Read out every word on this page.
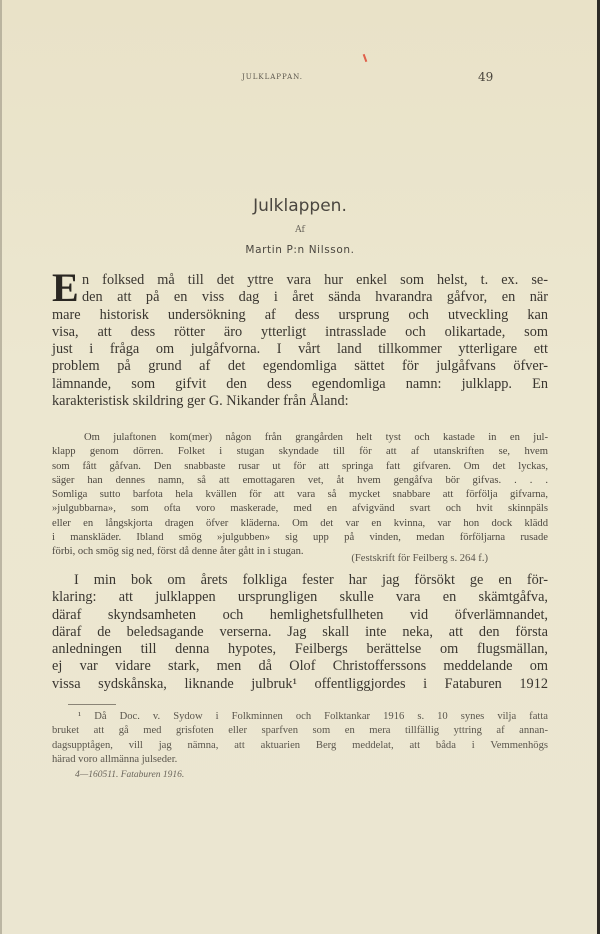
JULKLAPPAN.	49
Julklappen.
Af
Martin P:n Nilsson.
E n folksed må till det yttre vara hur enkel som helst, t. ex. se-
den att på en viss dag i året sända hvarandra gåfvor, en när
mare historisk undersökning af dess ursprung och utveckling kan
visa, att dess rötter äro ytterligt intrasslade och olikartade, som
just i fråga om julgåfvorna. I vårt land tillkommer ytterligare ett
problem på grund af det egendomliga sättet för julgåfvans öfver-
lämnande, som gifvit den dess egendomliga namn: julklapp. En
karakteristisk skildring ger G. Nikander från Åland:
Om julaftonen kom(mer) någon från grangården helt tyst och kastade in en jul-
klapp genom dörren. Folket i stugan skyndade till för att af utanskriften se, hvem
som fått gåfvan. Den snabbaste rusar ut för att springa fatt gifvaren. Om det lyckas,
säger han dennes namn, så att emottagaren vet, åt hvem gengåfva bör gifvas. . . .
Somliga sutto barfota hela kvällen för att vara så mycket snabbare att förfölja gifvarna,
»julgubbarna», som ofta voro maskerade, med en afvigvänd svart och hvit skinnpäls
eller en långskjorta dragen öfver kläderna. Om det var en kvinna, var hon dock klädd
i manskläder. Ibland smög »julgubben» sig upp på vinden, medan förföljarna rusade
förbi, och smög sig ned, först då denne åter gått in i stugan.
(Festskrift för Feilberg s. 264 f.)
I min bok om årets folkliga fester har jag försökt ge en för-
klaring: att julklappen ursprungligen skulle vara en skämtgåfva,
däraf skyndsamheten och hemlighetsfullheten vid öfverlämnandet,
däraf de beledsagande verserna. Jag skall inte neka, att den första
anledningen till denna hypotes, Feilbergs berättelse om flugsmällan,
ej var vidare stark, men då Olof Christofferssons meddelande om
vissa sydskånska, liknande julbruk¹ offentliggjordes i Fataburen 1912
¹ Då Doc. v. Sydow i Folkminnen och Folktankar 1916 s. 10 synes vilja fatta
bruket att gå med grisfoten eller sparfven som en mera tillfällig yttring af annan-
dagsupptågen, vill jag nämna, att aktuarien Berg meddelat, att båda i Vemmenhögs
härad voro allmänna julseder.
4—160511. Fataburen 1916.
